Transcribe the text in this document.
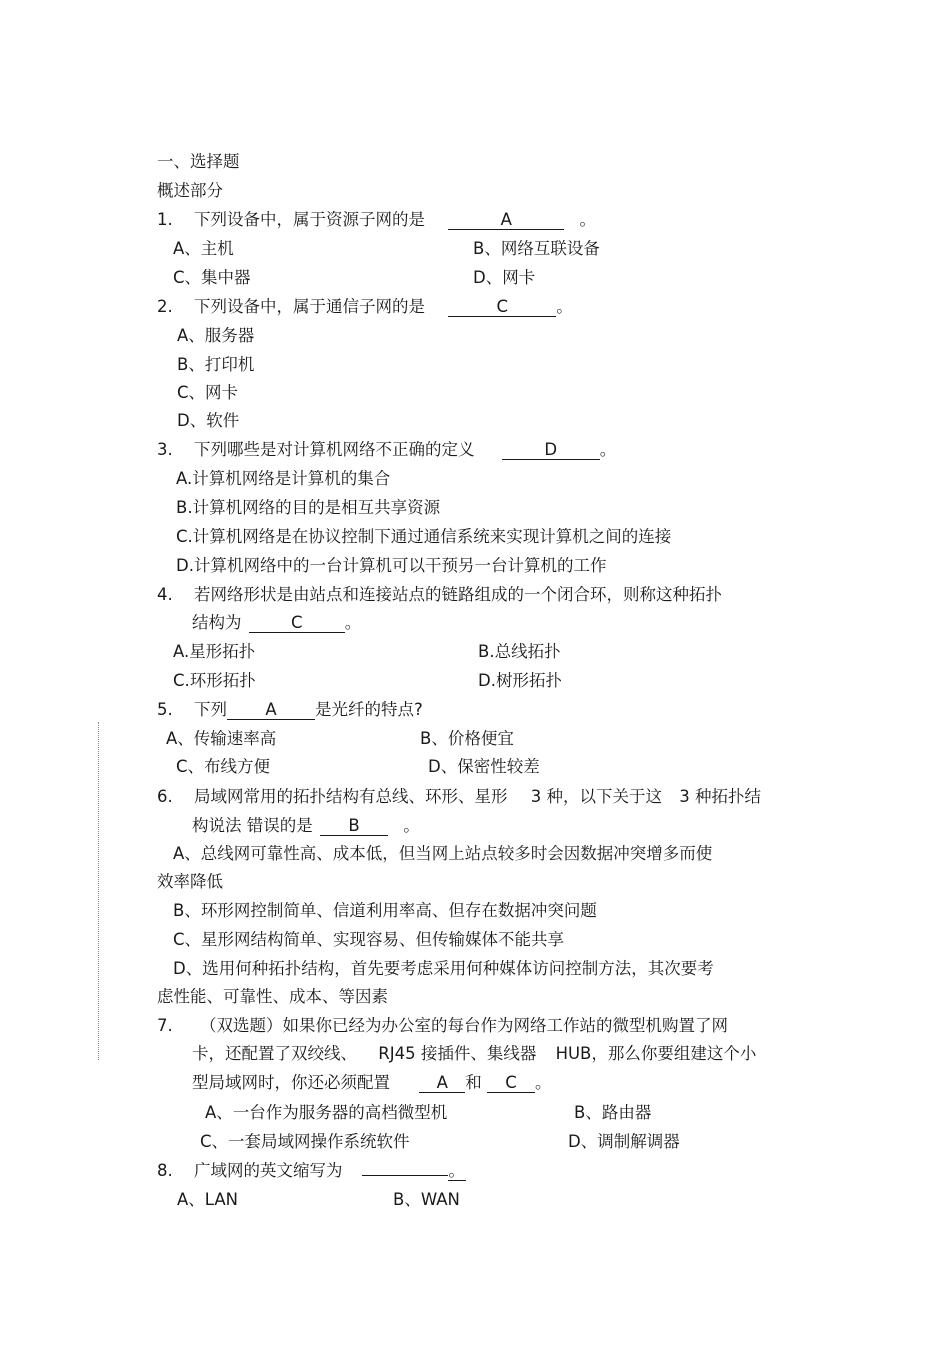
一、选择题
概述部分
1. 下列设备中，属于资源子网的是	A	。
A、主机	B、网络互联设备
C、集中器	D、网卡
2. 下列设备中，属于通信子网的是	C	。
A、服务器
B、打印机
C、网卡
D、软件
3. 下列哪些是对计算机网络不正确的定义	D	。
A.计算机网络是计算机的集合
B.计算机网络的目的是相互共享资源
C.计算机网络是在协议控制下通过通信系统来实现计算机之间的连接
D.计算机网络中的一台计算机可以干预另一台计算机的工作
4. 若网络形状是由站点和连接站点的链路组成的一个闭合环，则称这种拓扑
结构为	C	。
A.星形拓扑	B.总线拓扑
C.环形拓扑	D.树形拓扑
5. 下列 A 是光纤的特点?
A、传输速率高	B、价格便宜
C、布线方便	D、保密性较差
6. 局域网常用的拓扑结构有总线、环形、星形 3 种，以下关于这 3 种拓扑结
构说法 错误的是 B	。
A、总线网可靠性高、成本低，但当网上站点较多时会因数据冲突增多而使
效率降低
B、环形网控制简单、信道利用率高、但存在数据冲突问题
C、星形网结构简单、实现容易、但传输媒体不能共享
D、选用何种拓扑结构，首先要考虑采用何种媒体访问控制方法，其次要考
虑性能、可靠性、成本、等因素
7. （双选题）如果你已经为办公室的每台作为网络工作站的微型机购置了网
卡，还配置了双绞线、 RJ45 接插件、集线器 HUB，那么你要组建这个小
型局域网时，你还必须配置	A 和 C 。
A、一台作为服务器的高档微型机	B、路由器
C、一套局域网操作系统软件	D、调制解调器
8. 广域网的英文缩写为	。
A、LAN	B、WAN
